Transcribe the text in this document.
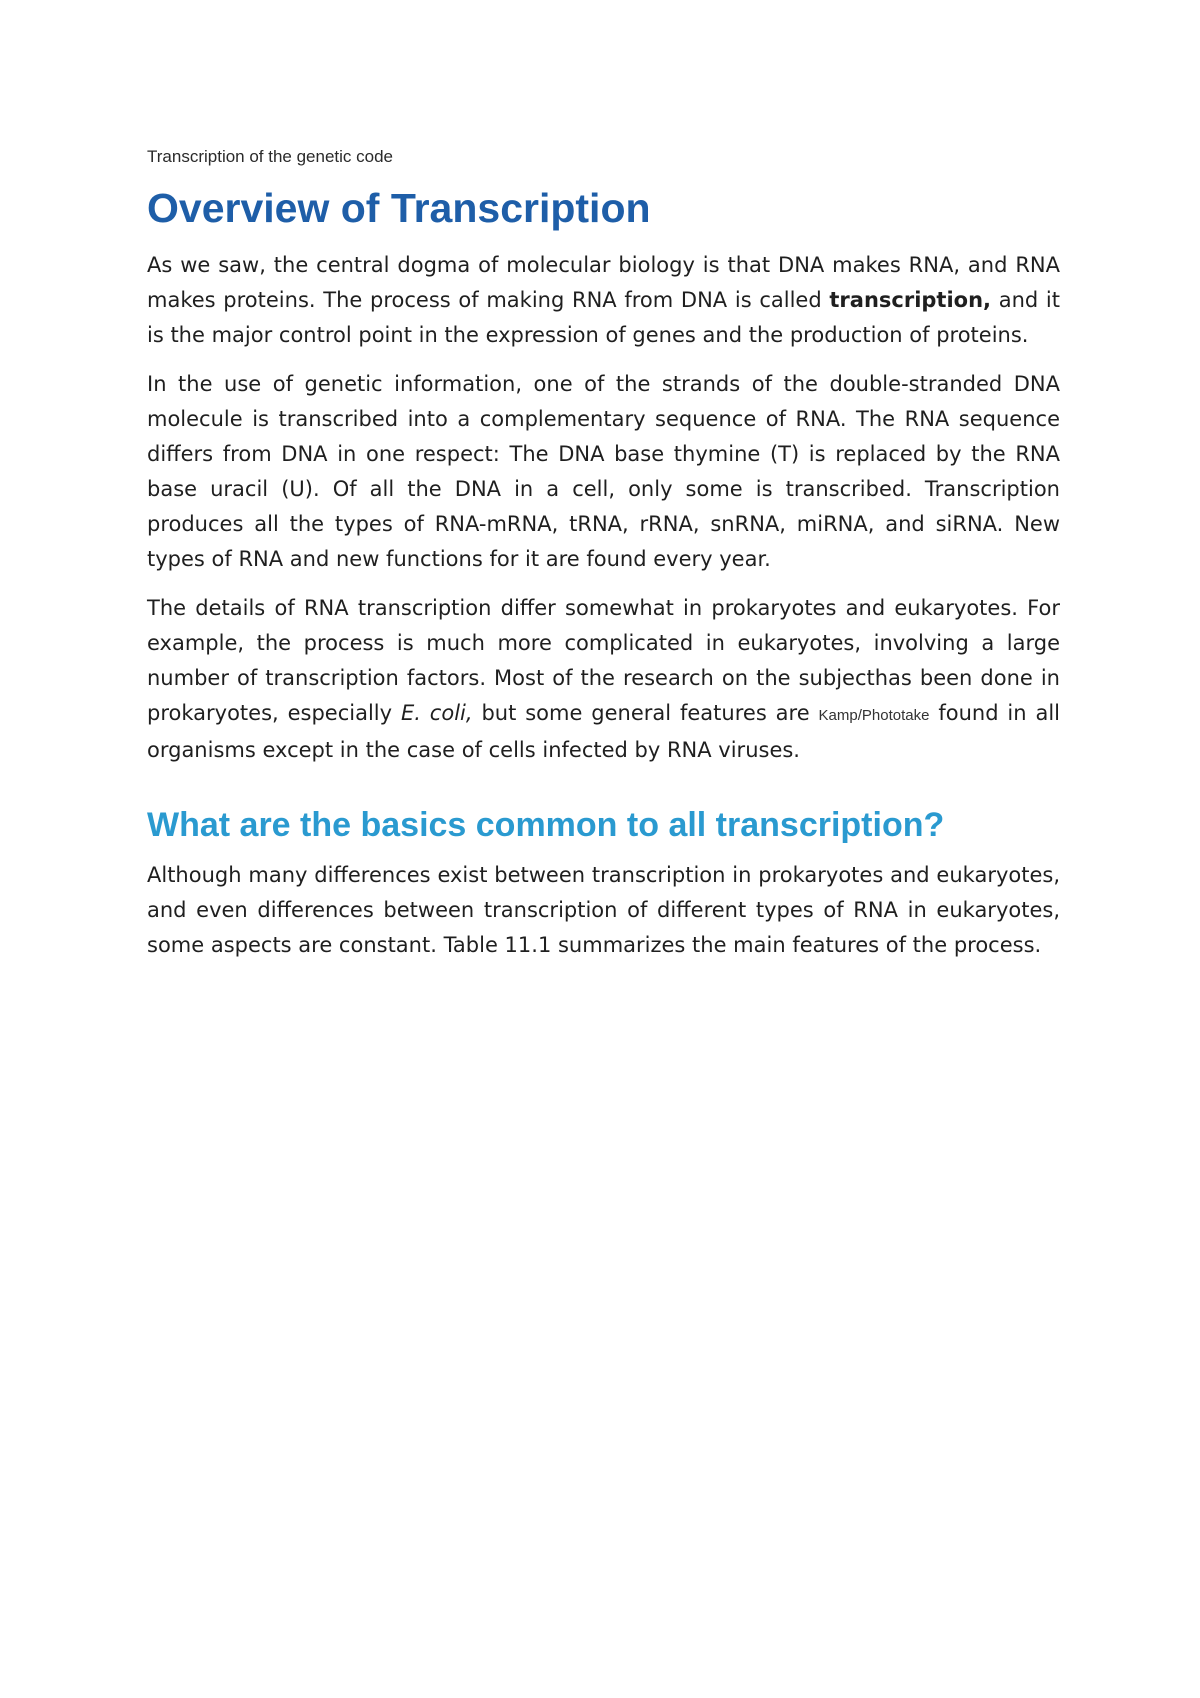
Transcription of the genetic code
Overview of Transcription

As we saw, the central dogma of molecular biology is that DNA makes RNA, and RNA makes proteins. The process of making RNA from DNA is called transcription, and it is the major control point in the expression of genes and the production of proteins.

In the use of genetic information, one of the strands of the double-stranded DNA molecule is transcribed into a complementary sequence of RNA. The RNA sequence differs from DNA in one respect: The DNA base thymine (T) is replaced by the RNA base uracil (U). Of all the DNA in a cell, only some is transcribed. Transcription produces all the types of RNA-mRNA, tRNA, rRNA, snRNA, miRNA, and siRNA. New types of RNA and new functions for it are found every year.

The details of RNA transcription differ somewhat in prokaryotes and eukaryotes. For example, the process is much more complicated in eukaryotes, involving a large number of transcription factors. Most of the research on the subjecthas been done in prokaryotes, especially E. coli, but some general features are Kamp/Phototake found in all organisms except in the case of cells infected by RNA viruses.

What are the basics common to all transcription?

Although many differences exist between transcription in prokaryotes and eukaryotes, and even differences between transcription of different types of RNA in eukaryotes, some aspects are constant. Table 11.1 summarizes the main features of the process.
